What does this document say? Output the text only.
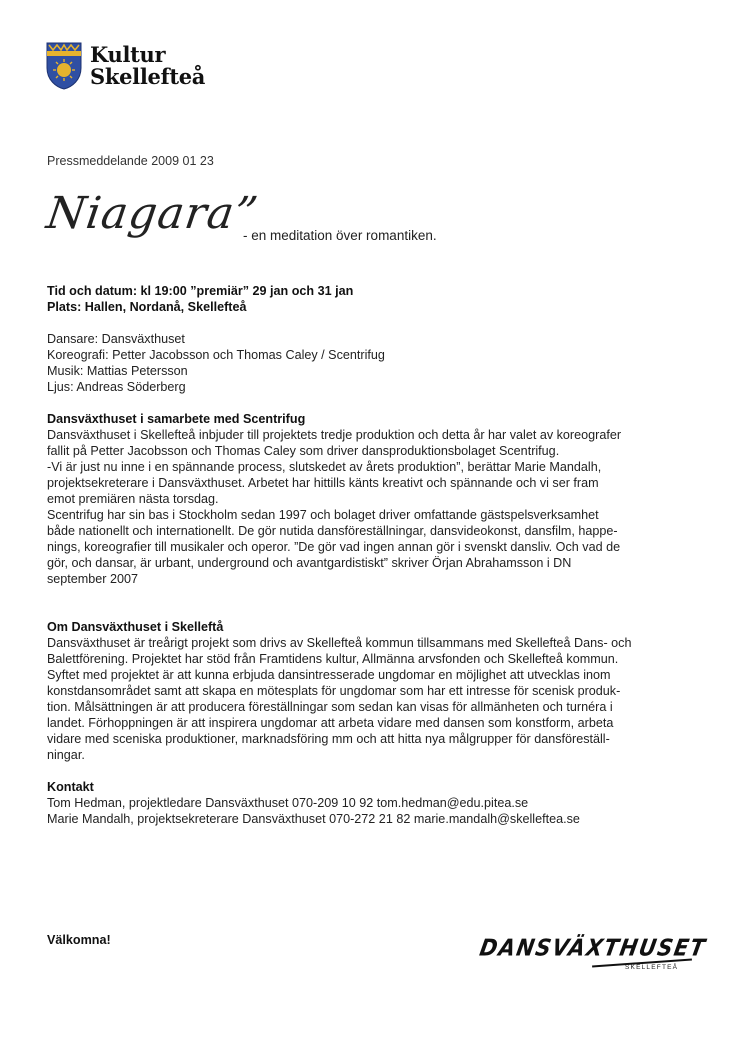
Kultur
Skellefteå
Pressmeddelande 2009 01 23
Niagara”
- en meditation över romantiken.

Tid och datum: kl 19:00 ”premiär” 29 jan och 31 jan

Plats: Hallen, Nordanå, Skellefteå

Dansare: Dansväxthuset

Koreografi: Petter Jacobsson och Thomas Caley / Scentrifug

Musik: Mattias Petersson

Ljus: Andreas Söderberg

Dansväxthuset i samarbete med Scentrifug

Dansväxthuset i Skellefteå inbjuder till projektets tredje produktion och detta år har valet av koreografer

fallit på Petter Jacobsson och Thomas Caley som driver dansproduktionsbolaget Scentrifug.

-Vi är just nu inne i en spännande process, slutskedet av årets produktion”, berättar Marie Mandalh,

projektsekreterare i Dansväxthuset. Arbetet har hittills känts kreativt och spännande och vi ser fram

emot premiären nästa torsdag.

Scentrifug har sin bas i Stockholm sedan 1997 och bolaget driver omfattande gästspelsverksamhet

både nationellt och internationellt. De gör nutida dansföreställningar, dansvideokonst, dansfilm, happe-

nings, koreografier till musikaler och operor. ”De gör vad ingen annan gör i svenskt dansliv. Och vad de

gör, och dansar, är urbant, underground och avantgardistiskt” skriver Örjan Abrahamsson i DN

september 2007

Om Dansväxthuset i Skelleftå

Dansväxthuset är treårigt projekt som drivs av Skellefteå kommun tillsammans med Skellefteå Dans- och

Balettförening. Projektet har stöd från Framtidens kultur, Allmänna arvsfonden och Skellefteå kommun.

Syftet med projektet är att kunna erbjuda dansintresserade ungdomar en möjlighet att utvecklas inom

konstdansområdet samt att skapa en mötesplats för ungdomar som har ett intresse för scenisk produk-

tion. Målsättningen är att producera föreställningar som sedan kan visas för allmänheten och turnéra i

landet. Förhoppningen är att inspirera ungdomar att arbeta vidare med dansen som konstform, arbeta

vidare med sceniska produktioner, marknadsföring mm och att hitta nya målgrupper för dansföreställ-

ningar.

Kontakt

Tom Hedman, projektledare Dansväxthuset 070-209 10 92 tom.hedman@edu.pitea.se

Marie Mandalh, projektsekreterare Dansväxthuset 070-272 21 82 marie.mandalh@skelleftea.se

Välkomna!	DANSVÄXTHUSET
SKELLEFTEÅ
